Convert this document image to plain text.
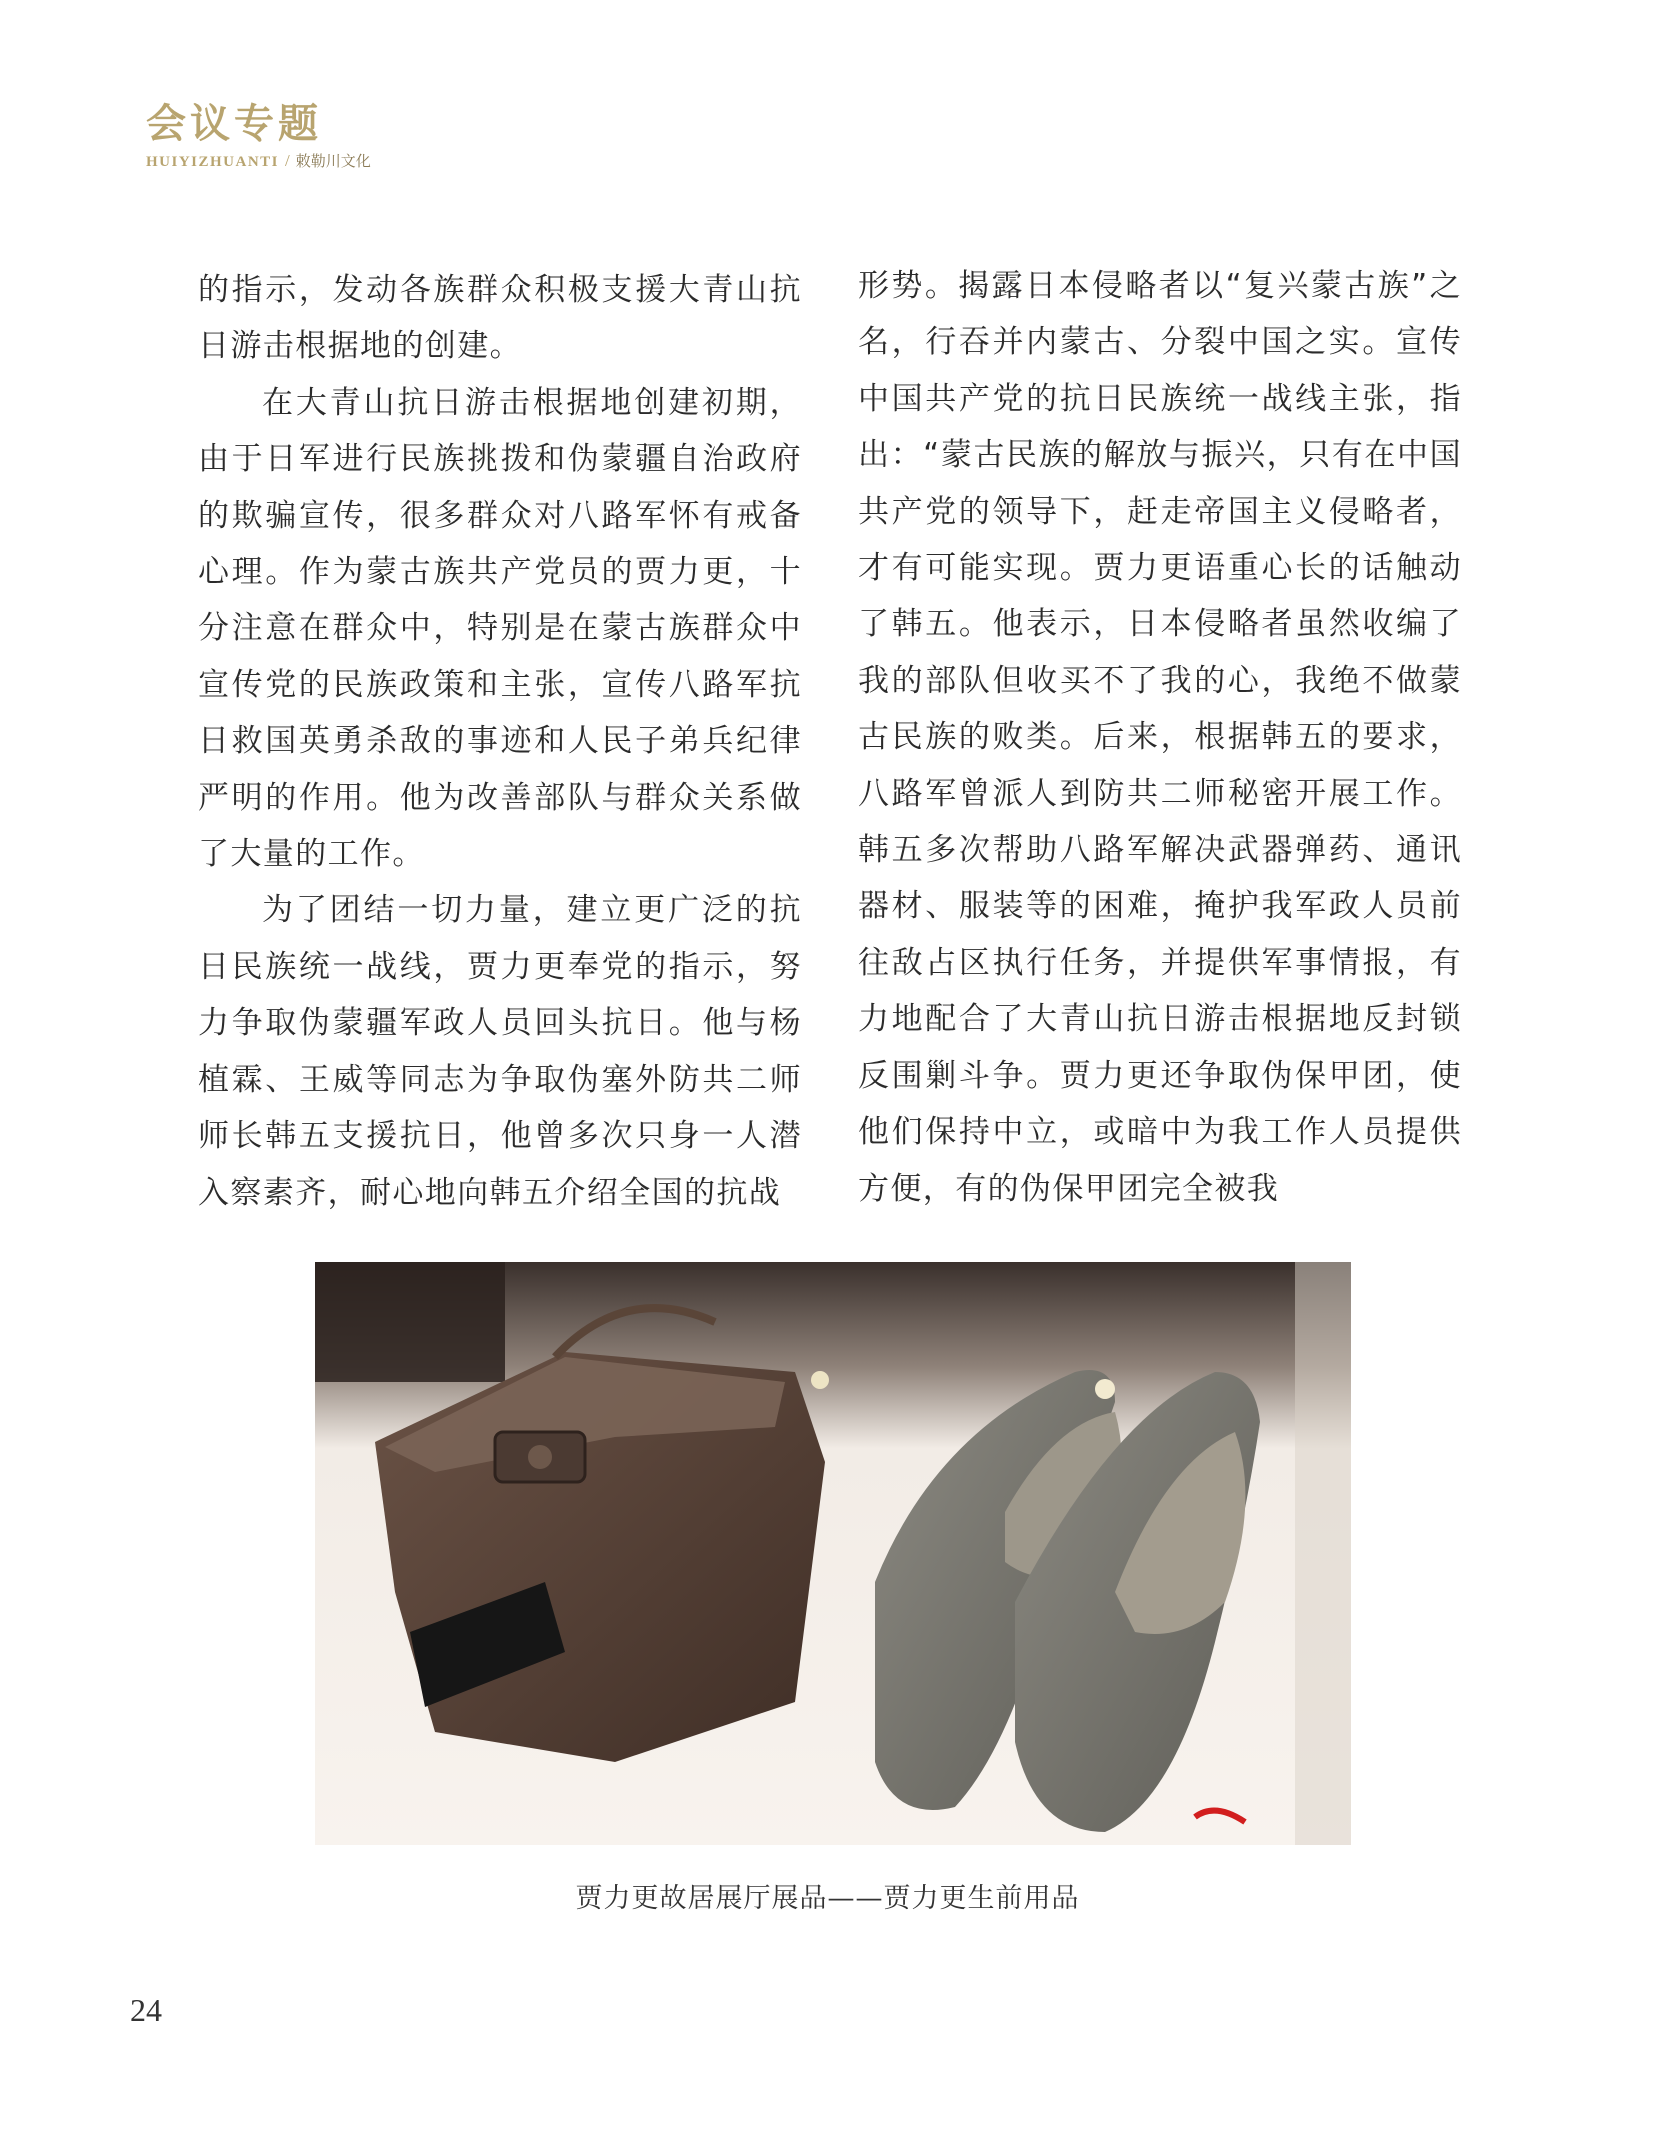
会议专题
HUIYIZHUANTI / 敕勒川文化

的指示，发动各族群众积极支援大青山抗日游击根据地的创建。

在大青山抗日游击根据地创建初期，由于日军进行民族挑拨和伪蒙疆自治政府的欺骗宣传，很多群众对八路军怀有戒备心理。作为蒙古族共产党员的贾力更，十分注意在群众中，特别是在蒙古族群众中宣传党的民族政策和主张，宣传八路军抗日救国英勇杀敌的事迹和人民子弟兵纪律严明的作用。他为改善部队与群众关系做了大量的工作。

为了团结一切力量，建立更广泛的抗日民族统一战线，贾力更奉党的指示，努力争取伪蒙疆军政人员回头抗日。他与杨植霖、王威等同志为争取伪塞外防共二师师长韩五支援抗日，他曾多次只身一人潜入察素齐，耐心地向韩五介绍全国的抗战

形势。揭露日本侵略者以“复兴蒙古族”之名，行吞并内蒙古、分裂中国之实。宣传中国共产党的抗日民族统一战线主张，指出：“蒙古民族的解放与振兴，只有在中国共产党的领导下，赶走帝国主义侵略者，才有可能实现。贾力更语重心长的话触动了韩五。他表示，日本侵略者虽然收编了我的部队但收买不了我的心，我绝不做蒙古民族的败类。后来，根据韩五的要求，八路军曾派人到防共二师秘密开展工作。韩五多次帮助八路军解决武器弹药、通讯器材、服装等的困难，掩护我军政人员前往敌占区执行任务，并提供军事情报，有力地配合了大青山抗日游击根据地反封锁反围剿斗争。贾力更还争取伪保甲团，使他们保持中立，或暗中为我工作人员提供方便，有的伪保甲团完全被我

贾力更故居展厅展品——贾力更生前用品
24
